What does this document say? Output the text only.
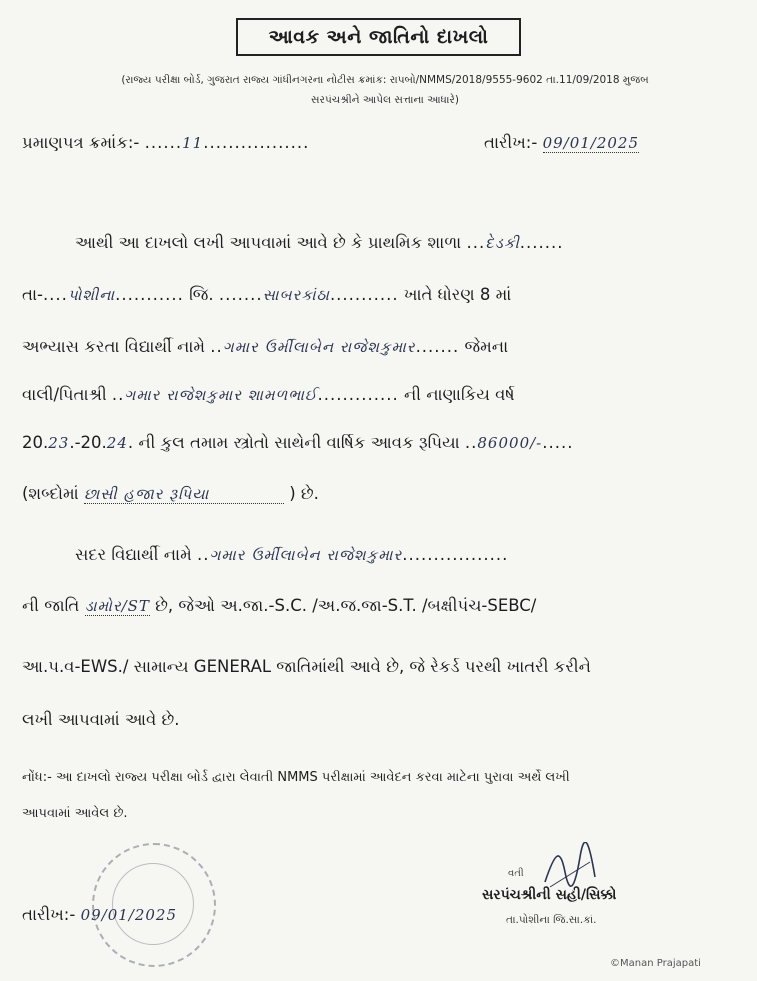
આવક અને જાતિનો દાખલો
(રાજ્ય પરીક્ષા બોર્ડ, ગુજરાત રાજ્ય ગાંધીનગરના નોટીસ ક્રમાંક: રાપબો/NMMS/2018/9555-9602 તા.11/09/2018 મુજબ
સરપંચશ્રીને આપેલ સત્તાના આધારે)
પ્રમાણપત્ર ક્રમાંક:- ......11.................	તારીખ:- 09/01/2025
આથી આ દાખલો લખી આપવામાં આવે છે કે પ્રાથમિક શાળા ...દેડકી.......
તા-....પોશીના........... જિ. .......સાબરકાંઠા........... ખાતે ધોરણ 8 માં
અભ્યાસ કરતા વિદ્યાર્થી નામે ..ગમાર ઉર્મીલાબેન રાજેશકુમાર....... જેમના
વાલી/પિતાશ્રી ..ગમાર રાજેશકુમાર શામળભાઈ............. ની નાણાકિય વર્ષ
20.23.-20.24. ની કુલ તમામ સ્ત્રોતો સાથેની વાર્ષિક આવક રૂપિયા ..86000/-.....
(શબ્દોમાં છાસી હજાર રૂપિયા	) છે.
સદર વિદ્યાર્થી નામે ..ગમાર ઉર્મીલાબેન રાજેશકુમાર.................
ની જાતિ ડામોર/ST છે, જેઓ અ.જા.-S.C. /અ.જ.જા-S.T. /બક્ષીપંચ-SEBC/
આ.પ.વ-EWS./ સામાન્ય GENERAL જાતિમાંથી આવે છે, જે રેકર્ડ પરથી ખાતરી કરીને
લખી આપવામાં આવે છે.
નોંધ:- આ દાખલો રાજ્ય પરીક્ષા બોર્ડ દ્વારા લેવાતી NMMS પરીક્ષામાં આવેદન કરવા માટેના પુરાવા અર્થે લખી
આપવામાં આવેલ છે.
તારીખ:- 09/01/2025
વતી
સરપંચશ્રીની સહી/સિક્કો
તા.પોશીના જિ.સા.કાં.
©Manan Prajapati
